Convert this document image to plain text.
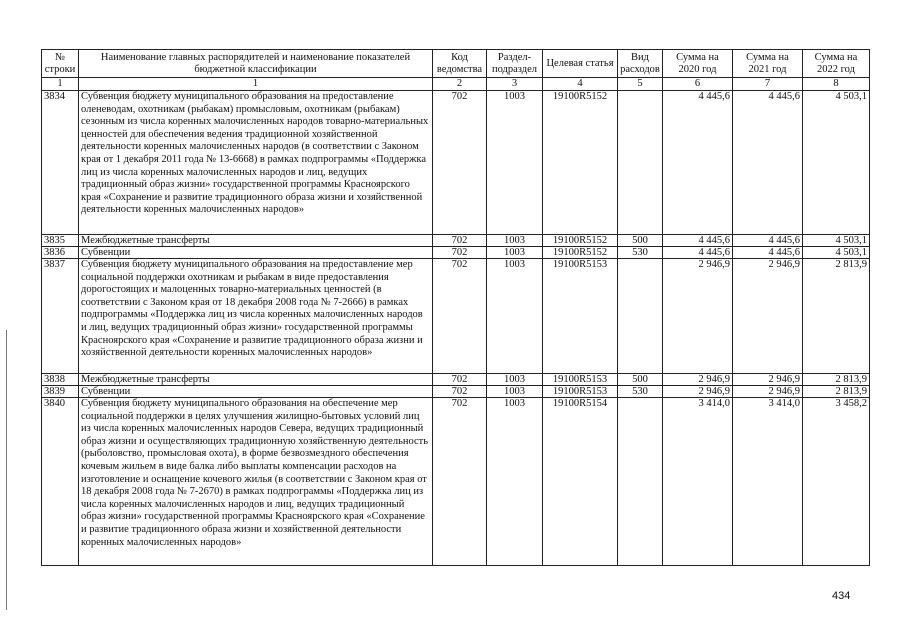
№ строки	Наименование главных распорядителей и наименование показателей бюджетной классификации	Код ведомства	Раздел-подраздел	Целевая статья	Вид расходов	Сумма на 2020 год	Сумма на 2021 год	Сумма на 2022 год
1	1	2	3	4	5	6	7	8
3834	Субвенция бюджету муниципального образования на предоставление оленеводам, охотникам (рыбакам) промысловым, охотникам (рыбакам) сезонным из числа коренных малочисленных народов товарно-материальных ценностей для обеспечения ведения традиционной хозяйственной деятельности коренных малочисленных народов (в соответствии с Законом края от 1 декабря 2011 года № 13-6668) в рамках подпрограммы «Поддержка лиц из числа коренных малочисленных народов и лиц, ведущих традиционный образ жизни» государственной программы Красноярского края «Сохранение и развитие традиционного образа жизни и хозяйственной деятельности коренных малочисленных народов»	702	1003	19100R5152		4 445,6	4 445,6	4 503,1
3835	Межбюджетные трансферты	702	1003	19100R5152	500	4 445,6	4 445,6	4 503,1
3836	Субвенции	702	1003	19100R5152	530	4 445,6	4 445,6	4 503,1
3837	Субвенция бюджету муниципального образования на предоставление мер социальной поддержки охотникам и рыбакам в виде предоставления дорогостоящих и малоценных товарно-материальных ценностей (в соответствии с Законом края от 18 декабря 2008 года № 7-2666) в рамках подпрограммы «Поддержка лиц из числа коренных малочисленных народов и лиц, ведущих традиционный образ жизни» государственной программы Красноярского края «Сохранение и развитие традиционного образа жизни и хозяйственной деятельности коренных малочисленных народов»	702	1003	19100R5153		2 946,9	2 946,9	2 813,9
3838	Межбюджетные трансферты	702	1003	19100R5153	500	2 946,9	2 946,9	2 813,9
3839	Субвенции	702	1003	19100R5153	530	2 946,9	2 946,9	2 813,9
3840	Субвенция бюджету муниципального образования на обеспечение мер социальной поддержки в целях улучшения жилищно-бытовых условий лиц из числа коренных малочисленных народов Севера, ведущих традиционный образ жизни и осуществляющих традиционную хозяйственную деятельность (рыболовство, промысловая охота), в форме безвозмездного обеспечения кочевым жильем в виде балка либо выплаты компенсации расходов на изготовление и оснащение кочевого жилья (в соответствии с Законом края от 18 декабря 2008 года № 7-2670) в рамках подпрограммы «Поддержка лиц из числа коренных малочисленных народов и лиц, ведущих традиционный образ жизни» государственной программы Красноярского края «Сохранение и развитие традиционного образа жизни и хозяйственной деятельности коренных малочисленных народов»	702	1003	19100R5154		3 414,0	3 414,0	3 458,2
434
